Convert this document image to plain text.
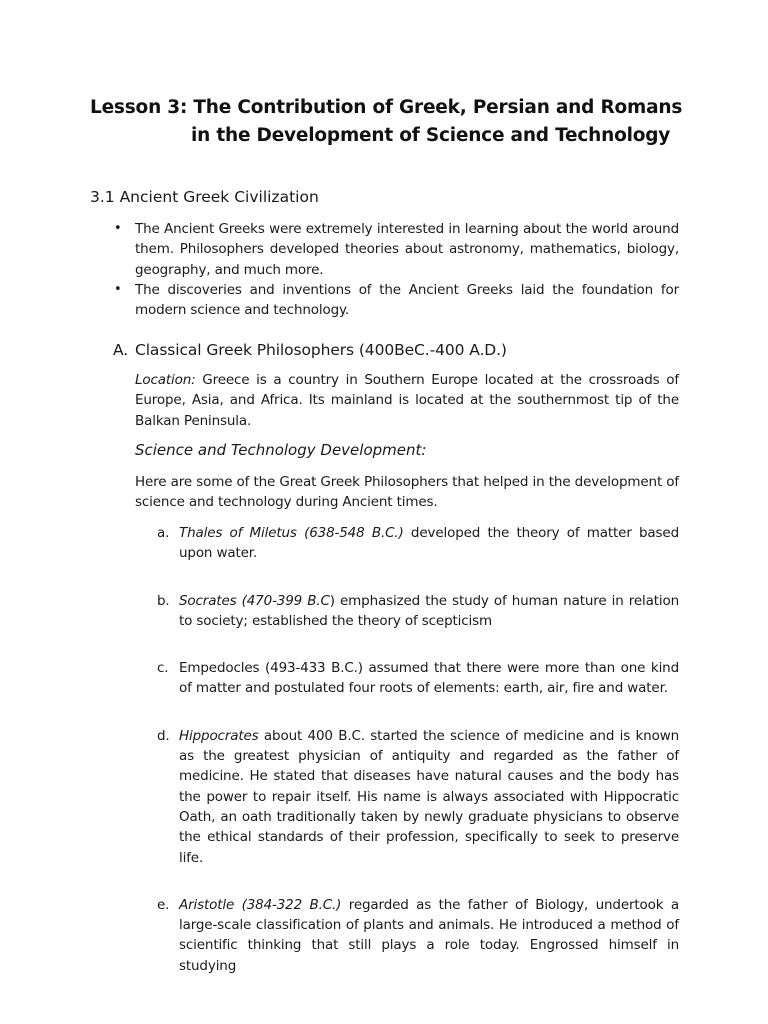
Lesson 3: The Contribution of Greek, Persian and Romans
in the Development of Science and Technology
3.1 Ancient Greek Civilization
• The Ancient Greeks were extremely interested in learning about the world around them. Philosophers developed theories about astronomy, mathematics, biology, geography, and much more.
• The discoveries and inventions of the Ancient Greeks laid the foundation for modern science and technology.
A. Classical Greek Philosophers (400BeC.-400 A.D.)
Location: Greece is a country in Southern Europe located at the crossroads of Europe, Asia, and Africa. Its mainland is located at the southernmost tip of the Balkan Peninsula.
Science and Technology Development:
Here are some of the Great Greek Philosophers that helped in the development of science and technology during Ancient times.
a. Thales of Miletus (638-548 B.C.) developed the theory of matter based upon water.
b. Socrates (470-399 B.C) emphasized the study of human nature in relation to society; established the theory of scepticism
c. Empedocles (493-433 B.C.) assumed that there were more than one kind of matter and postulated four roots of elements: earth, air, fire and water.
d. Hippocrates about 400 B.C. started the science of medicine and is known as the greatest physician of antiquity and regarded as the father of medicine. He stated that diseases have natural causes and the body has the power to repair itself. His name is always associated with Hippocratic Oath, an oath traditionally taken by newly graduate physicians to observe the ethical standards of their profession, specifically to seek to preserve life.
e. Aristotle (384-322 B.C.) regarded as the father of Biology, undertook a large-scale classification of plants and animals. He introduced a method of scientific thinking that still plays a role today. Engrossed himself in studying
